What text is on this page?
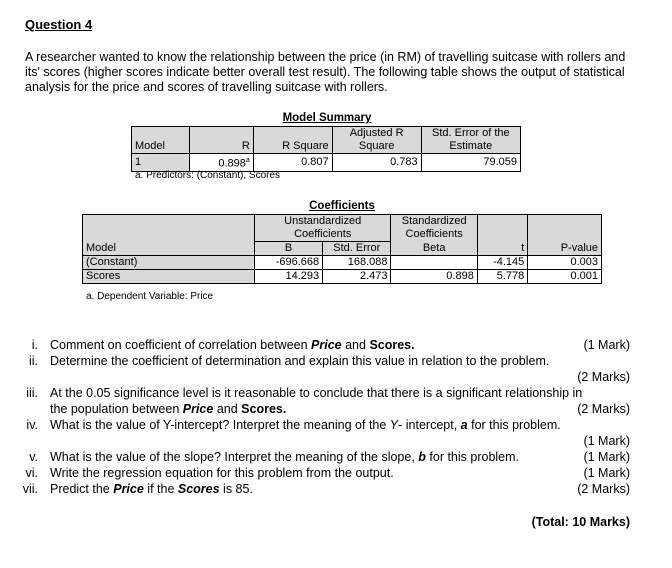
Question 4
A researcher wanted to know the relationship between the price (in RM) of travelling suitcase with rollers and its' scores (higher scores indicate better overall test result). The following table shows the output of statistical analysis for the price and scores of travelling suitcase with rollers.
Model Summary
			Adjusted R	Std. Error of the
Model	R	R Square	Square	Estimate
1	0.898$^a$	0.807	0.783	79.059
a. Predictors: (Constant), Scores
Coefficients
	Unstandardized		Standardized		
	Coefficients		Coefficients		
Model	B	Std. Error	Beta	t	P-value
(Constant)	-696.668	168.088		-4.145	0.003
Scores	14.293	2.473	0.898	5.778	0.001
a. Dependent Variable: Price
i. Comment on coefficient of correlation between Price and Scores.	(1 Mark)
ii. Determine the coefficient of determination and explain this value in relation to the problem.
(2 Marks)
iii. At the 0.05 significance level is it reasonable to conclude that there is a significant relationship in
the population between Price and Scores.	(2 Marks)
iv. What is the value of Y-intercept? Interpret the meaning of the Y- intercept, a for this problem.
(1 Mark)
v. What is the value of the slope? Interpret the meaning of the slope, b for this problem.	(1 Mark)
vi. Write the regression equation for this problem from the output.	(1 Mark)
vii. Predict the Price if the Scores is 85.	(2 Marks)
(Total: 10 Marks)
